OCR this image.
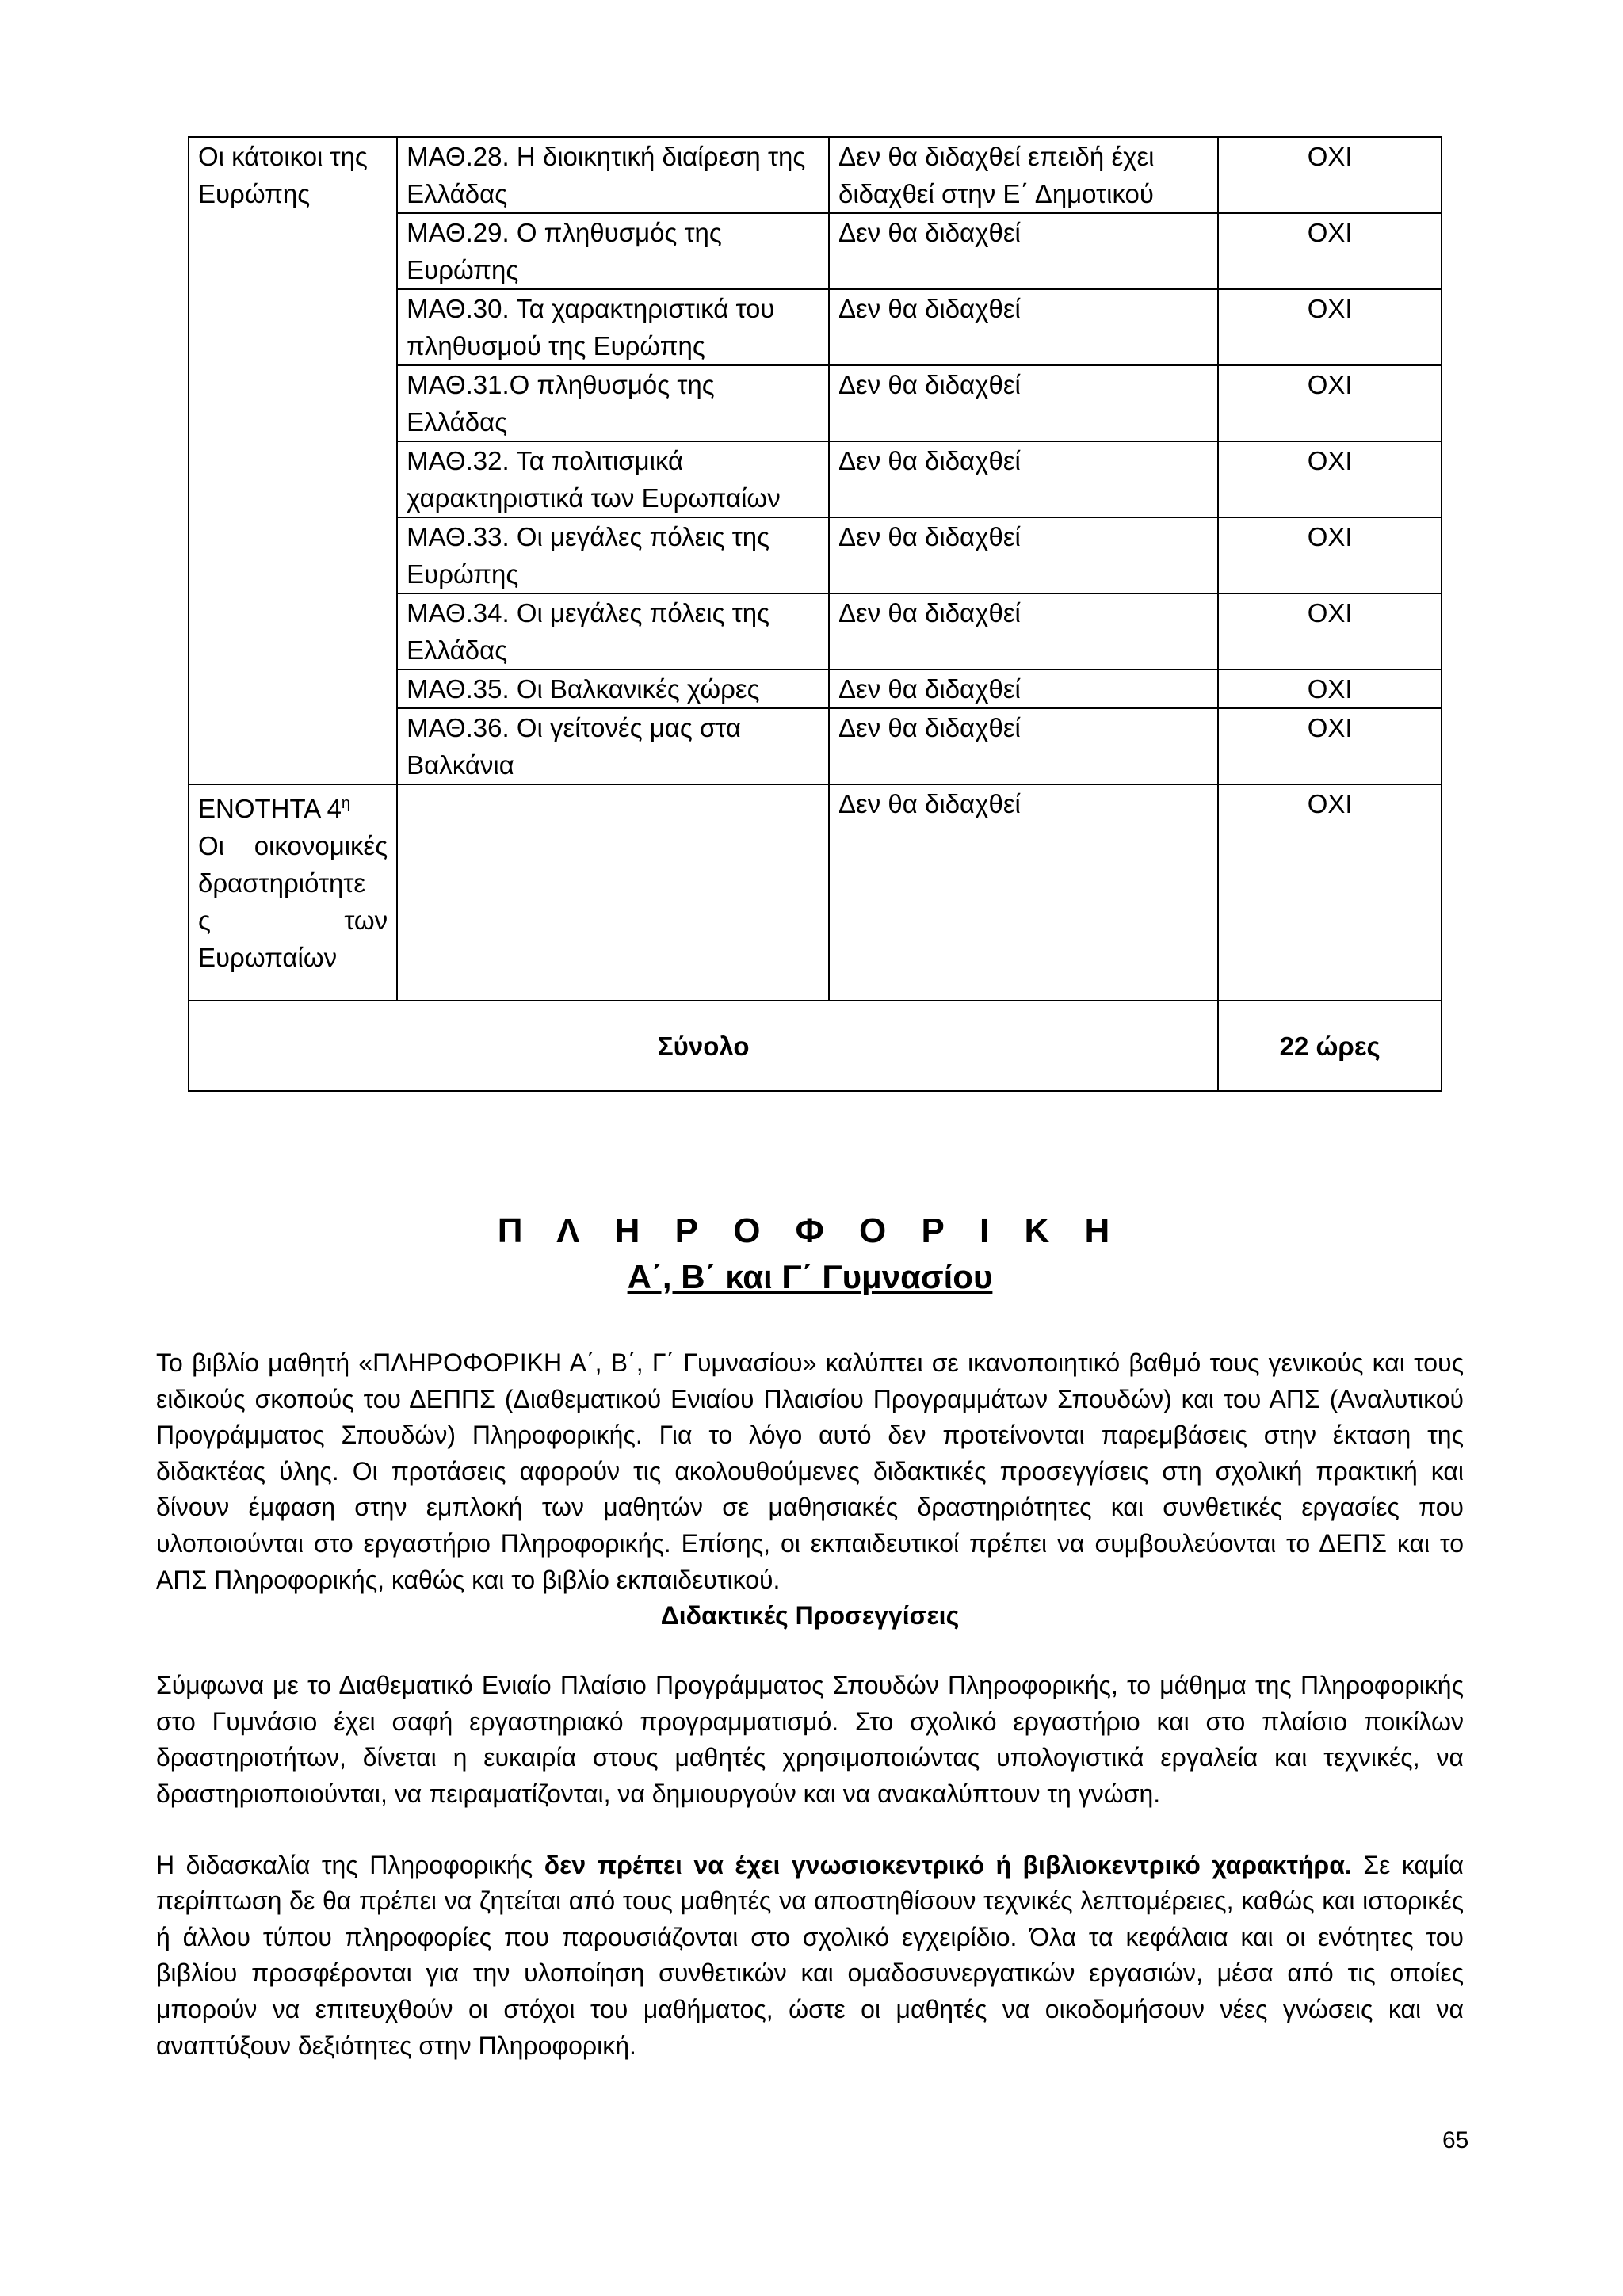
Οι κάτοικοι της Ευρώπης	ΜΑΘ.28. Η διοικητική διαίρεση της Ελλάδας	Δεν θα διδαχθεί επειδή έχει διδαχθεί στην Ε΄ Δημοτικού	ΟΧΙ
	ΜΑΘ.29. Ο πληθυσμός της Ευρώπης	Δεν θα διδαχθεί	ΟΧΙ
	ΜΑΘ.30. Τα χαρακτηριστικά του πληθυσμού της Ευρώπης	Δεν θα διδαχθεί	ΟΧΙ
	ΜΑΘ.31.Ο πληθυσμός της Ελλάδας	Δεν θα διδαχθεί	ΟΧΙ
	ΜΑΘ.32. Τα πολιτισμικά χαρακτηριστικά των Ευρωπαίων	Δεν θα διδαχθεί	ΟΧΙ
	ΜΑΘ.33. Οι μεγάλες πόλεις της Ευρώπης	Δεν θα διδαχθεί	ΟΧΙ
	ΜΑΘ.34. Οι μεγάλες πόλεις της Ελλάδας	Δεν θα διδαχθεί	ΟΧΙ
	ΜΑΘ.35. Οι Βαλκανικές χώρες	Δεν θα διδαχθεί	ΟΧΙ
	ΜΑΘ.36. Οι γείτονές μας στα Βαλκάνια	Δεν θα διδαχθεί	ΟΧΙ

ΕΝΟΤΗΤΑ $4^\eta$
Οι οικονομικές
δραστηριότητε
ς των
Ευρωπαίων		Δεν θα διδαχθεί	ΟΧΙ
Σύνολο			22 ώρες
Π Λ Η Ρ Ο Φ Ο Ρ Ι Κ Η
Α΄, Β΄ και Γ΄ Γυμνασίου

Το βιβλίο μαθητή «ΠΛΗΡΟΦΟΡΙΚΗ Α΄, Β΄, Γ΄ Γυμνασίου» καλύπτει σε ικανοποιητικό βαθμό τους γενικούς και τους ειδικούς σκοπούς του ΔΕΠΠΣ (Διαθεματικού Ενιαίου Πλαισίου Προγραμμάτων Σπουδών) και του ΑΠΣ (Αναλυτικού Προγράμματος Σπουδών) Πληροφορικής. Για το λόγο αυτό δεν προτείνονται παρεμβάσεις στην έκταση της διδακτέας ύλης. Οι προτάσεις αφορούν τις ακολουθούμενες διδακτικές προσεγγίσεις στη σχολική πρακτική και δίνουν έμφαση στην εμπλοκή των μαθητών σε μαθησιακές δραστηριότητες και συνθετικές εργασίες που υλοποιούνται στο εργαστήριο Πληροφορικής. Επίσης, οι εκπαιδευτικοί πρέπει να συμβουλεύονται το ΔΕΠΣ και το ΑΠΣ Πληροφορικής, καθώς και το βιβλίο εκπαιδευτικού.

Διδακτικές Προσεγγίσεις

Σύμφωνα με το Διαθεματικό Ενιαίο Πλαίσιο Προγράμματος Σπουδών Πληροφορικής, το μάθημα της Πληροφορικής στο Γυμνάσιο έχει σαφή εργαστηριακό προγραμματισμό. Στο σχολικό εργαστήριο και στο πλαίσιο ποικίλων δραστηριοτήτων, δίνεται η ευκαιρία στους μαθητές χρησιμοποιώντας υπολογιστικά εργαλεία και τεχνικές, να δραστηριοποιούνται, να πειραματίζονται, να δημιουργούν και να ανακαλύπτουν τη γνώση.

Η διδασκαλία της Πληροφορικής δεν πρέπει να έχει γνωσιοκεντρικό ή βιβλιοκεντρικό χαρακτήρα. Σε καμία περίπτωση δε θα πρέπει να ζητείται από τους μαθητές να αποστηθίσουν τεχνικές λεπτομέρειες, καθώς και ιστορικές ή άλλου τύπου πληροφορίες που παρουσιάζονται στο σχολικό εγχειρίδιο. Όλα τα κεφάλαια και οι ενότητες του βιβλίου προσφέρονται για την υλοποίηση συνθετικών και ομαδοσυνεργατικών εργασιών, μέσα από τις οποίες μπορούν να επιτευχθούν οι στόχοι του μαθήματος, ώστε οι μαθητές να οικοδομήσουν νέες γνώσεις και να αναπτύξουν δεξιότητες στην Πληροφορική.

65
